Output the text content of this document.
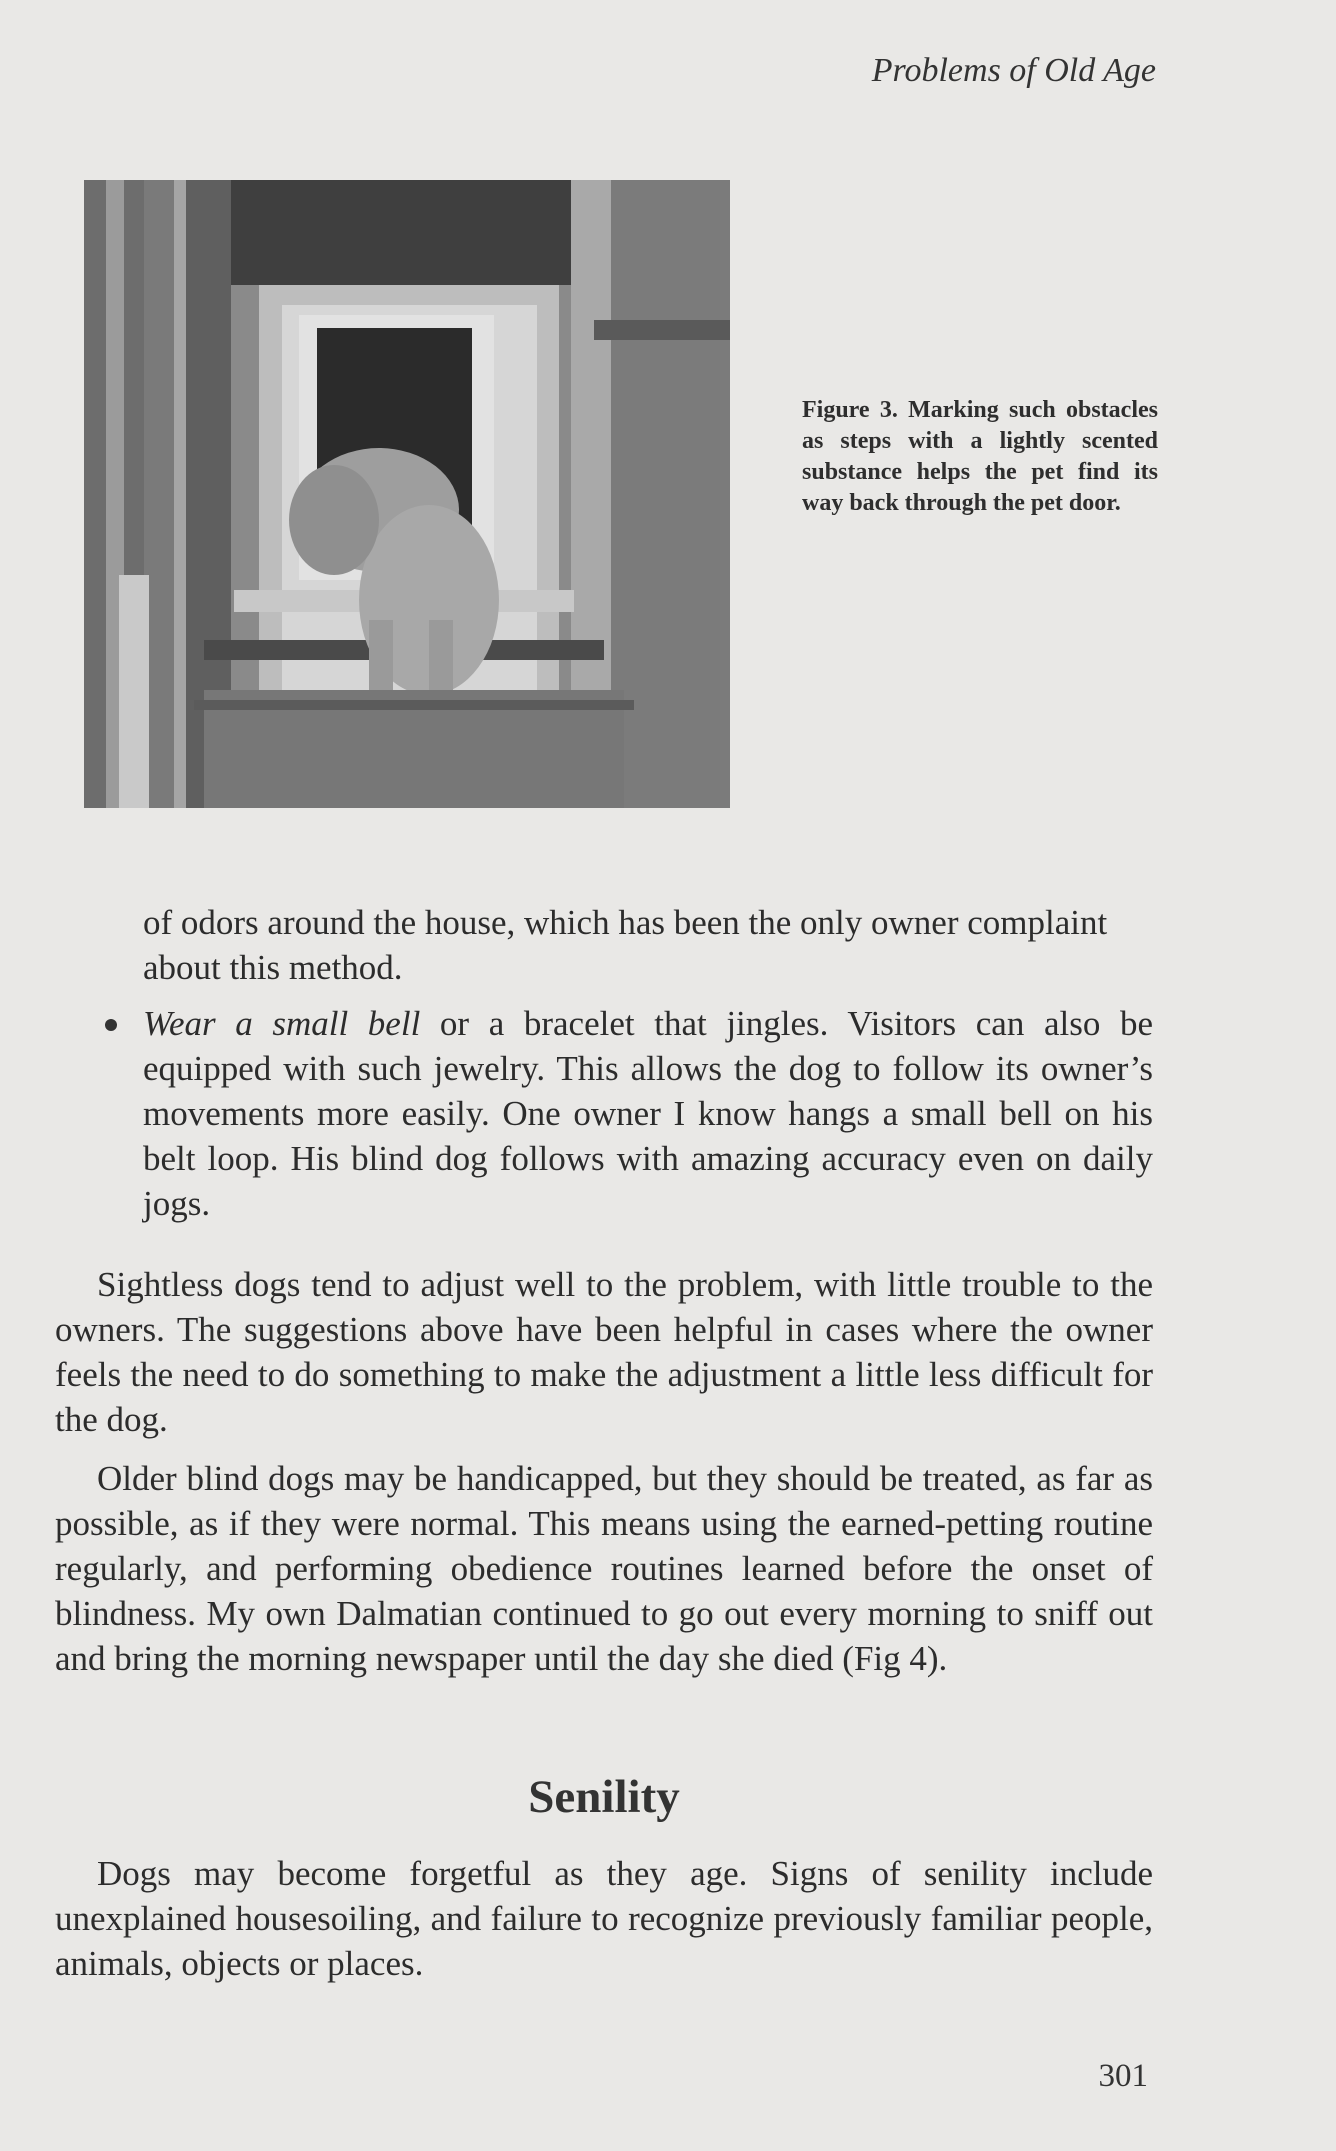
Problems of Old Age
Figure 3. Marking such obstacles as steps with a lightly scented substance helps the pet find its way back through the pet door.

of odors around the house, which has been the only owner complaint about this method.

Wear a small bell or a bracelet that jingles. Visitors can also be equipped with such jewelry. This allows the dog to follow its owner’s movements more easily. One owner I know hangs a small bell on his belt loop. His blind dog follows with amazing accuracy even on daily jogs.

Sightless dogs tend to adjust well to the problem, with little trouble to the owners. The suggestions above have been helpful in cases where the owner feels the need to do something to make the adjustment a little less difficult for the dog.

Older blind dogs may be handicapped, but they should be treated, as far as possible, as if they were normal. This means using the earned-petting routine regularly, and performing obedience routines learned before the onset of blindness. My own Dalmatian continued to go out every morning to sniff out and bring the morning newspaper until the day she died (Fig 4).

Senility

Dogs may become forgetful as they age. Signs of senility include unexplained housesoiling, and failure to recognize previously familiar people, animals, objects or places.

301
